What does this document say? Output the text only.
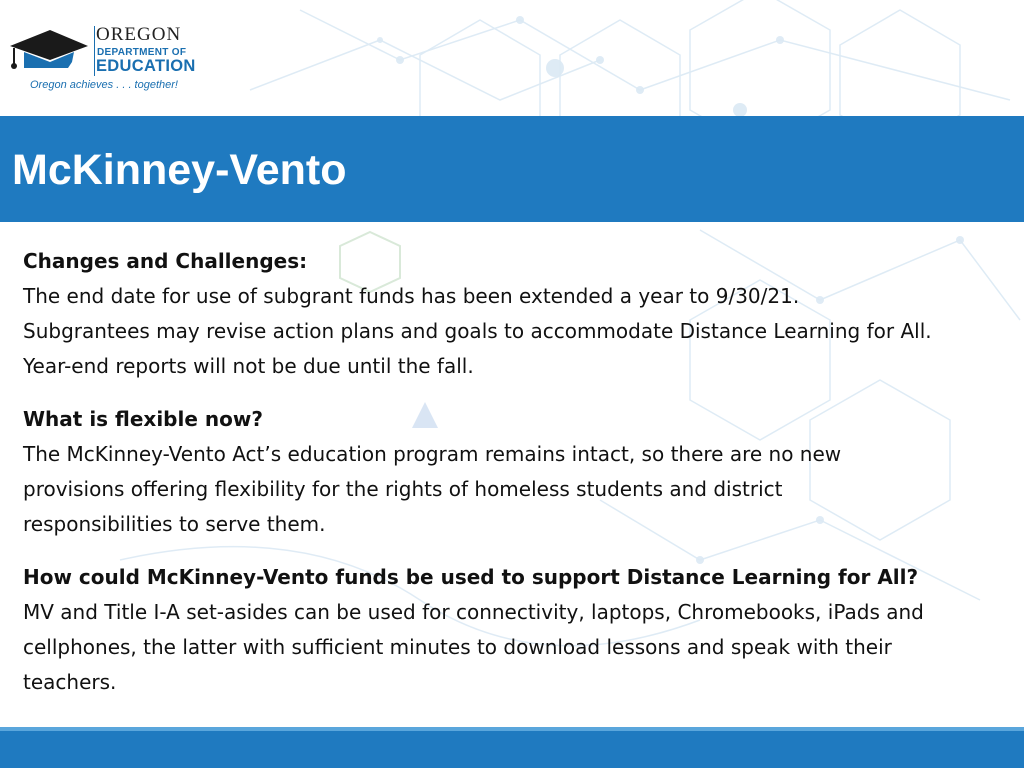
OREGON
DEPARTMENT OF
EDUCATION
Oregon achieves . . . together!
McKinney-Vento
Changes and Challenges:
The end date for use of subgrant funds has been extended a year to 9/30/21.
Subgrantees may revise action plans and goals to accommodate Distance Learning for All.
Year-end reports will not be due until the fall.
What is flexible now?
The McKinney-Vento Act’s education program remains intact, so there are no new
provisions offering flexibility for the rights of homeless students and district
responsibilities to serve them.
How could McKinney-Vento funds be used to support Distance Learning for All?
MV and Title I-A set-asides can be used for connectivity, laptops, Chromebooks, iPads and
cellphones, the latter with sufficient minutes to download lessons and speak with their
teachers.
